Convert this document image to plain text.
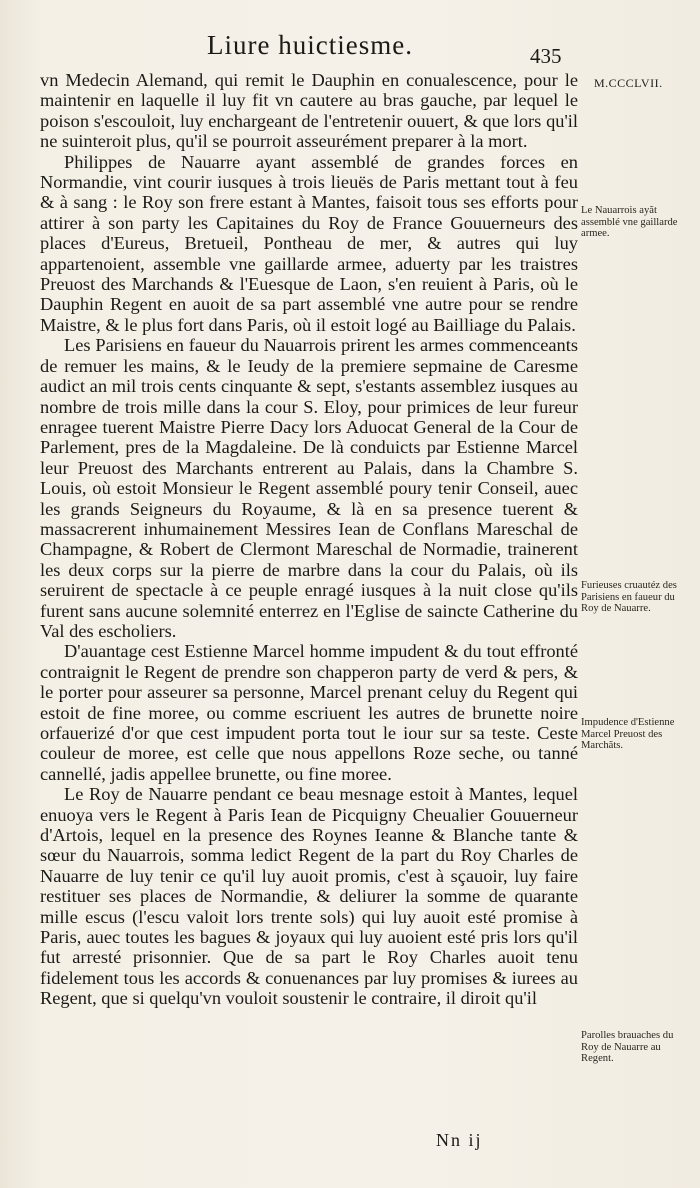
Liure huictiesme.	435
M.CCCLVII.

vn Medecin Alemand, qui remit le Dauphin en conualescence, pour le maintenir en laquelle il luy fit vn cautere au bras gauche, par lequel le poison s'escouloit, luy enchargeant de l'entretenir ouuert, & que lors qu'il ne suinteroit plus, qu'il se pourroit asseurément preparer à la mort.

Philippes de Nauarre ayant assemblé de grandes forces en Normandie, vint courir iusques à trois lieuës de Paris mettant tout à feu & à sang : le Roy son frere estant à Mantes, faisoit tous ses efforts pour attirer à son party les Capitaines du Roy de France Gouuerneurs des places d'Eureus, Bretueil, Pontheau de mer, & autres qui luy appartenoient, assemble vne gaillarde armee, aduerty par les traistres Preuost des Marchands & l'Euesque de Laon, s'en reuient à Paris, où le Dauphin Regent en auoit de sa part assemblé vne autre pour se rendre Maistre, & le plus fort dans Paris, où il estoit logé au Bailliage du Palais.

Les Parisiens en faueur du Nauarrois prirent les armes commenceants de remuer les mains, & le Ieudy de la premiere sepmaine de Caresme audict an mil trois cents cinquante & sept, s'estants assemblez iusques au nombre de trois mille dans la cour S. Eloy, pour primices de leur fureur enragee tuerent Maistre Pierre Dacy lors Aduocat General de la Cour de Parlement, pres de la Magdaleine. De là conduicts par Estienne Marcel leur Preuost des Marchants entrerent au Palais, dans la Chambre S. Louis, où estoit Monsieur le Regent assemblé poury tenir Conseil, auec les grands Seigneurs du Royaume, & là en sa presence tuerent & massacrerent inhumainement Messires Iean de Conflans Mareschal de Champagne, & Robert de Clermont Mareschal de Normadie, trainerent les deux corps sur la pierre de marbre dans la cour du Palais, où ils seruirent de spectacle à ce peuple enragé iusques à la nuit close qu'ils furent sans aucune solemnité enterrez en l'Eglise de saincte Catherine du Val des escholiers.

D'auantage cest Estienne Marcel homme impudent & du tout effronté contraignit le Regent de prendre son chapperon party de verd & pers, & le porter pour asseurer sa personne, Marcel prenant celuy du Regent qui estoit de fine moree, ou comme escriuent les autres de brunette noire orfauerizé d'or que cest impudent porta tout le iour sur sa teste. Ceste couleur de moree, est celle que nous appellons Roze seche, ou tanné cannellé, jadis appellee brunette, ou fine moree.

Le Roy de Nauarre pendant ce beau mesnage estoit à Mantes, lequel enuoya vers le Regent à Paris Iean de Picquigny Cheualier Gouuerneur d'Artois, lequel en la presence des Roynes Ieanne & Blanche tante & sœur du Nauarrois, somma ledict Regent de la part du Roy Charles de Nauarre de luy tenir ce qu'il luy auoit promis, c'est à sçauoir, luy faire restituer ses places de Normandie, & deliurer la somme de quarante mille escus (l'escu valoit lors trente sols) qui luy auoit esté promise à Paris, auec toutes les bagues & joyaux qui luy auoient esté pris lors qu'il fut arresté prisonnier. Que de sa part le Roy Charles auoit tenu fidelement tous les accords & conuenances par luy promises & iurees au Regent, que si quelqu'vn vouloit soustenir le contraire, il diroit qu'il

Le Nauarrois ayãt assemblé vne gaillarde armee.
Furieuses cruautéz des Parisiens en faueur du Roy de Nauarre.
Impudence d'Estienne Marcel Preuost des Marchãts.
Parolles brauaches du Roy de Nauarre au Regent.
Nn ij
